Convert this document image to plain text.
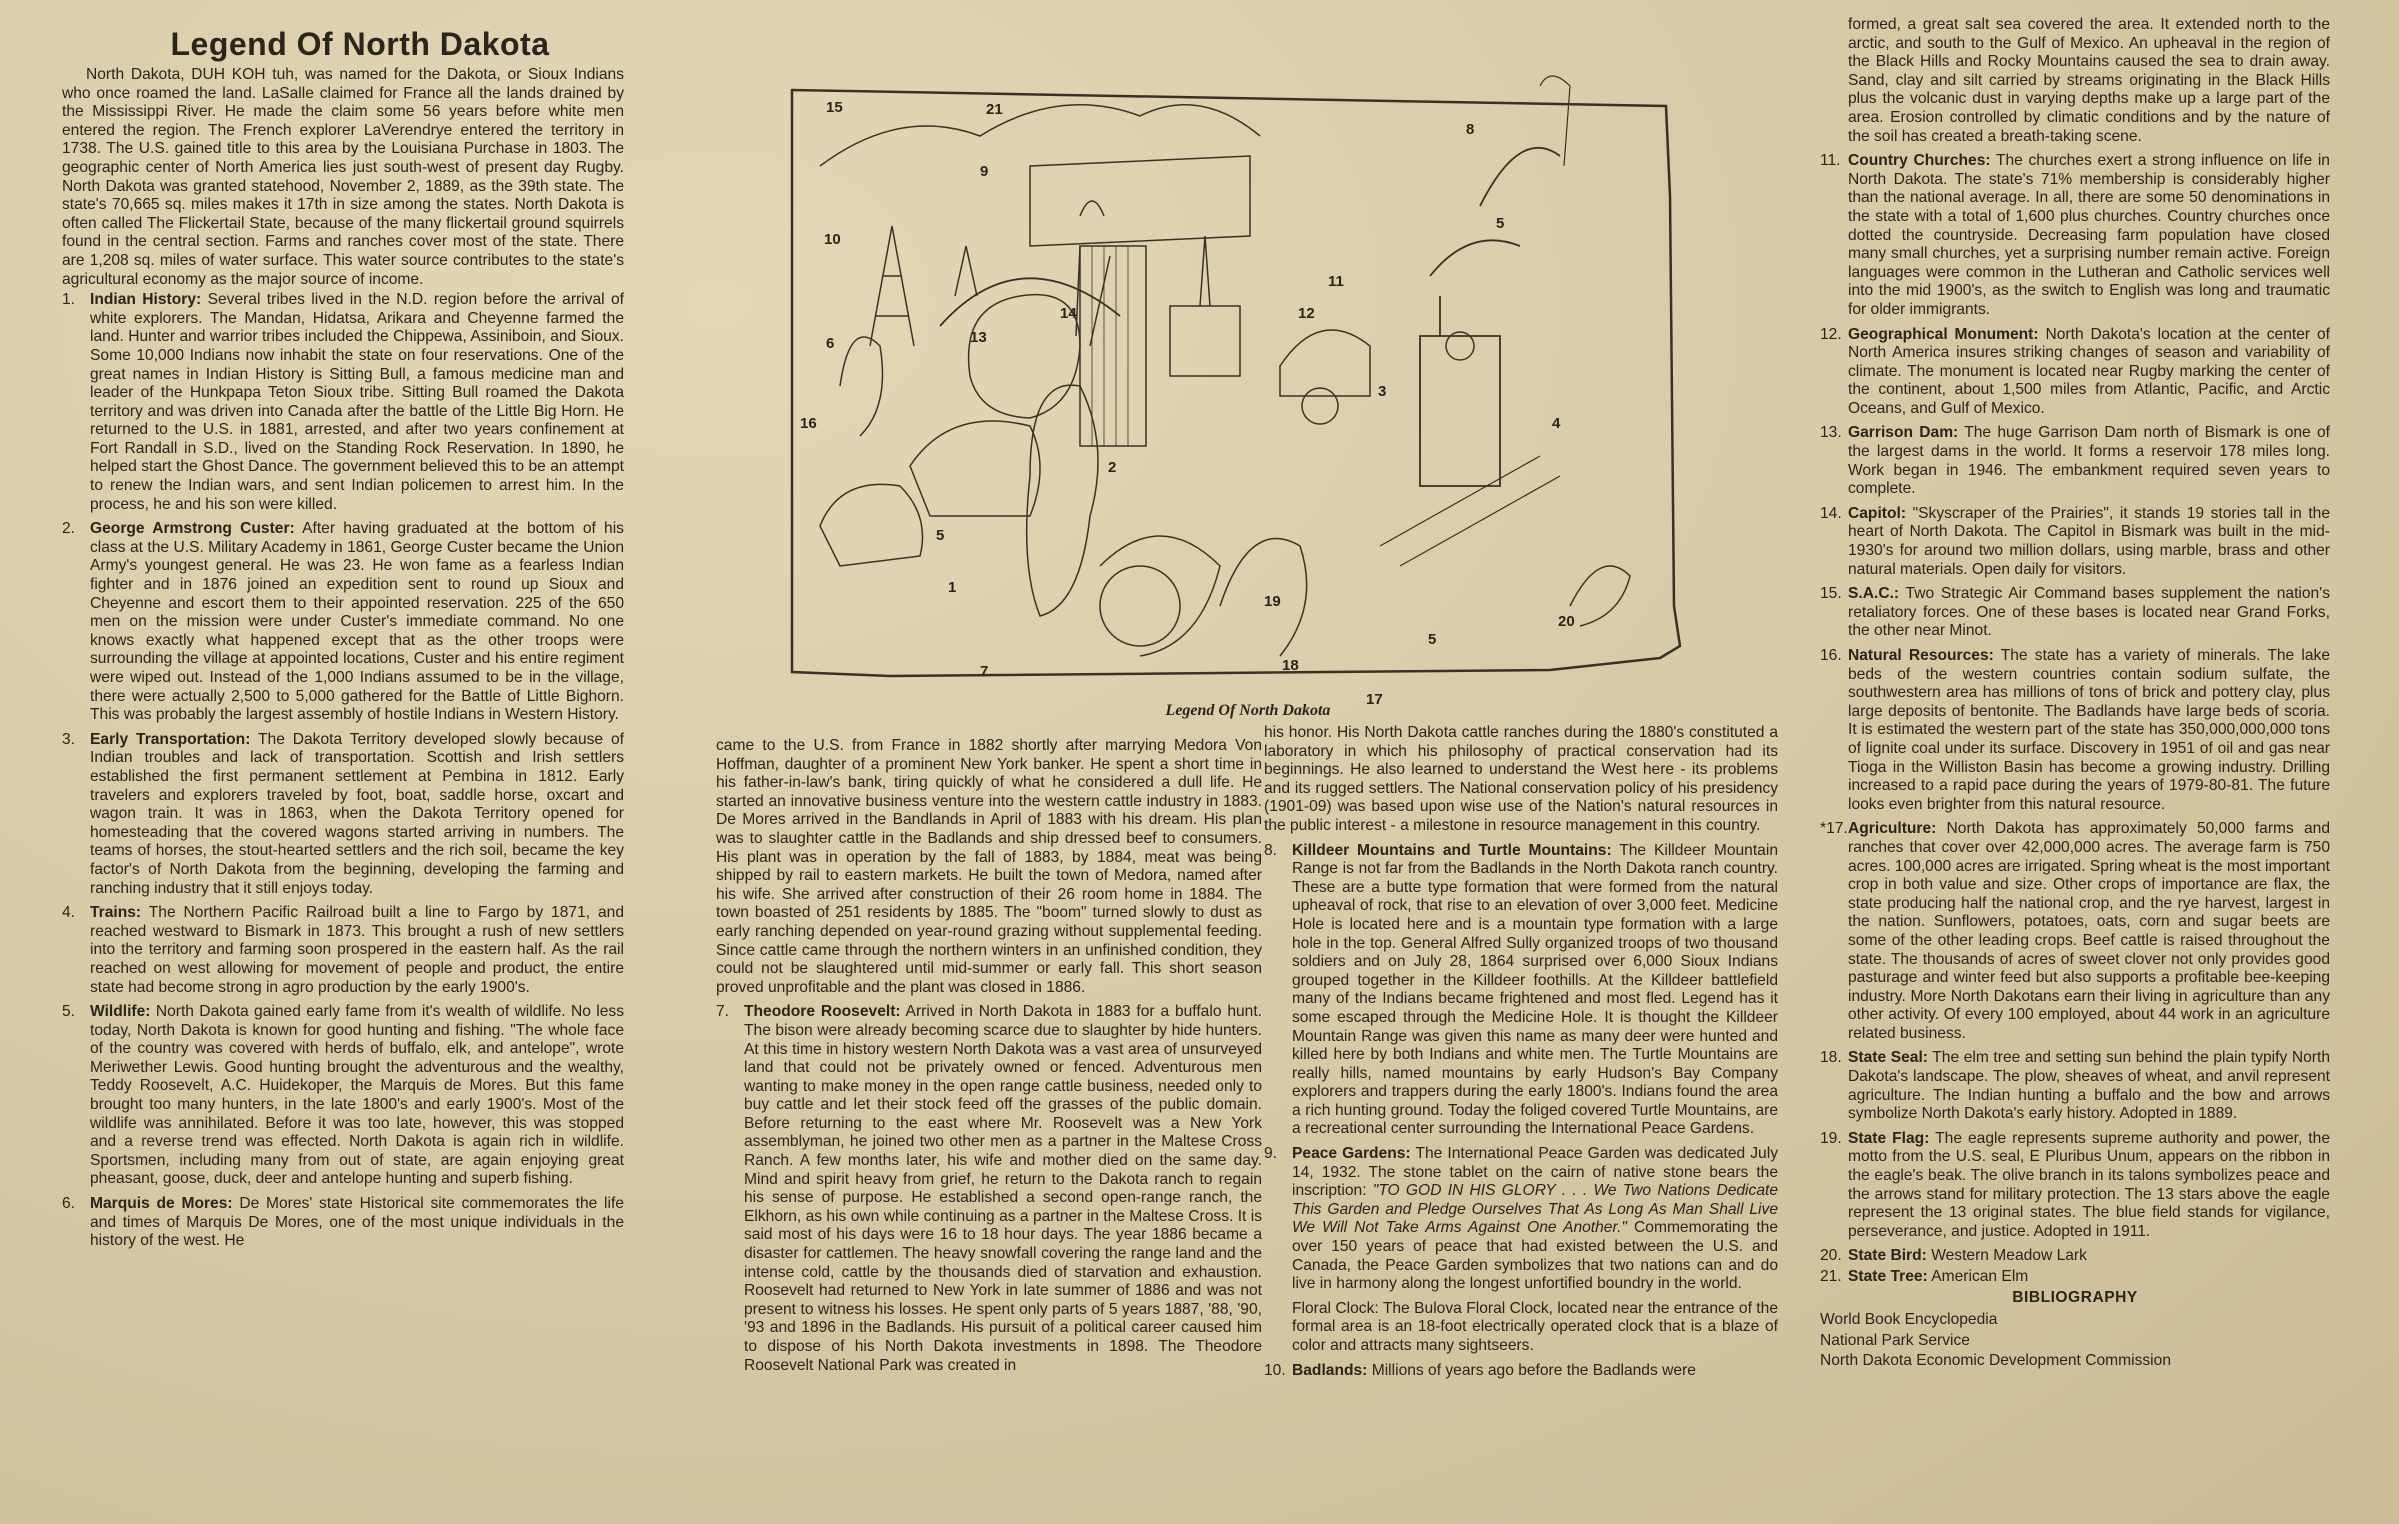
Legend Of North Dakota

North Dakota, DUH KOH tuh, was named for the Dakota, or Sioux Indians who once roamed the land. LaSalle claimed for France all the lands drained by the Mississippi River. He made the claim some 56 years before white men entered the region. The French explorer LaVerendrye entered the territory in 1738. The U.S. gained title to this area by the Louisiana Purchase in 1803. The geographic center of North America lies just south-west of present day Rugby. North Dakota was granted statehood, November 2, 1889, as the 39th state. The state's 70,665 sq. miles makes it 17th in size among the states. North Dakota is often called The Flickertail State, because of the many flickertail ground squirrels found in the central section. Farms and ranches cover most of the state. There are 1,208 sq. miles of water surface. This water source contributes to the state's agricultural economy as the major source of income.

1. Indian History: Several tribes lived in the N.D. region before the arrival of white explorers. The Mandan, Hidatsa, Arikara and Cheyenne farmed the land. Hunter and warrior tribes included the Chippewa, Assiniboin, and Sioux. Some 10,000 Indians now inhabit the state on four reservations. One of the great names in Indian History is Sitting Bull, a famous medicine man and leader of the Hunkpapa Teton Sioux tribe. Sitting Bull roamed the Dakota territory and was driven into Canada after the battle of the Little Big Horn. He returned to the U.S. in 1881, arrested, and after two years confinement at Fort Randall in S.D., lived on the Standing Rock Reservation. In 1890, he helped start the Ghost Dance. The government believed this to be an attempt to renew the Indian wars, and sent Indian policemen to arrest him. In the process, he and his son were killed.
2. George Armstrong Custer: After having graduated at the bottom of his class at the U.S. Military Academy in 1861, George Custer became the Union Army's youngest general. He was 23. He won fame as a fearless Indian fighter and in 1876 joined an expedition sent to round up Sioux and Cheyenne and escort them to their appointed reservation. 225 of the 650 men on the mission were under Custer's immediate command. No one knows exactly what happened except that as the other troops were surrounding the village at appointed locations, Custer and his entire regiment were wiped out. Instead of the 1,000 Indians assumed to be in the village, there were actually 2,500 to 5,000 gathered for the Battle of Little Bighorn. This was probably the largest assembly of hostile Indians in Western History.
3. Early Transportation: The Dakota Territory developed slowly because of Indian troubles and lack of transportation. Scottish and Irish settlers established the first permanent settlement at Pembina in 1812. Early travelers and explorers traveled by foot, boat, saddle horse, oxcart and wagon train. It was in 1863, when the Dakota Territory opened for homesteading that the covered wagons started arriving in numbers. The teams of horses, the stout-hearted settlers and the rich soil, became the key factor's of North Dakota from the beginning, developing the farming and ranching industry that it still enjoys today.
4. Trains: The Northern Pacific Railroad built a line to Fargo by 1871, and reached westward to Bismark in 1873. This brought a rush of new settlers into the territory and farming soon prospered in the eastern half. As the rail reached on west allowing for movement of people and product, the entire state had become strong in agro production by the early 1900's.
5. Wildlife: North Dakota gained early fame from it's wealth of wildlife. No less today, North Dakota is known for good hunting and fishing. "The whole face of the country was covered with herds of buffalo, elk, and antelope", wrote Meriwether Lewis. Good hunting brought the adventurous and the wealthy, Teddy Roosevelt, A.C. Huidekoper, the Marquis de Mores. But this fame brought too many hunters, in the late 1800's and early 1900's. Most of the wildlife was annihilated. Before it was too late, however, this was stopped and a reverse trend was effected. North Dakota is again rich in wildlife. Sportsmen, including many from out of state, are again enjoying great pheasant, goose, duck, deer and antelope hunting and superb fishing.
6. Marquis de Mores: De Mores' state Historical site commemorates the life and times of Marquis De Mores, one of the most unique individuals in the history of the west. He
15	21
9
8
10
5
11
6	13
14	12
3
16
2
4
5
1
19
5
20
18
17
7
Legend Of North Dakota
came to the U.S. from France in 1882 shortly after marrying Medora Von Hoffman, daughter of a prominent New York banker. He spent a short time in his father-in-law's bank, tiring quickly of what he considered a dull life. He started an innovative business venture into the western cattle industry in 1883. De Mores arrived in the Bandlands in April of 1883 with his dream. His plan was to slaughter cattle in the Badlands and ship dressed beef to consumers. His plant was in operation by the fall of 1883, by 1884, meat was being shipped by rail to eastern markets. He built the town of Medora, named after his wife. She arrived after construction of their 26 room home in 1884. The town boasted of 251 residents by 1885. The "boom" turned slowly to dust as early ranching depended on year-round grazing without supplemental feeding. Since cattle came through the northern winters in an unfinished condition, they could not be slaughtered until mid-summer or early fall. This short season proved unprofitable and the plant was closed in 1886.
7. Theodore Roosevelt: Arrived in North Dakota in 1883 for a buffalo hunt. The bison were already becoming scarce due to slaughter by hide hunters. At this time in history western North Dakota was a vast area of unsurveyed land that could not be privately owned or fenced. Adventurous men wanting to make money in the open range cattle business, needed only to buy cattle and let their stock feed off the grasses of the public domain. Before returning to the east where Mr. Roosevelt was a New York assemblyman, he joined two other men as a partner in the Maltese Cross Ranch. A few months later, his wife and mother died on the same day. Mind and spirit heavy from grief, he return to the Dakota ranch to regain his sense of purpose. He established a second open-range ranch, the Elkhorn, as his own while continuing as a partner in the Maltese Cross. It is said most of his days were 16 to 18 hour days. The year 1886 became a disaster for cattlemen. The heavy snowfall covering the range land and the intense cold, cattle by the thousands died of starvation and exhaustion. Roosevelt had returned to New York in late summer of 1886 and was not present to witness his losses. He spent only parts of 5 years 1887, '88, '90, '93 and 1896 in the Badlands. His pursuit of a political career caused him to dispose of his North Dakota investments in 1898. The Theodore Roosevelt National Park was created in
his honor. His North Dakota cattle ranches during the 1880's constituted a laboratory in which his philosophy of practical conservation had its beginnings. He also learned to understand the West here - its problems and its rugged settlers. The National conservation policy of his presidency (1901-09) was based upon wise use of the Nation's natural resources in the public interest - a milestone in resource management in this country.
8. Killdeer Mountains and Turtle Mountains: The Killdeer Mountain Range is not far from the Badlands in the North Dakota ranch country. These are a butte type formation that were formed from the natural upheaval of rock, that rise to an elevation of over 3,000 feet. Medicine Hole is located here and is a mountain type formation with a large hole in the top. General Alfred Sully organized troops of two thousand soldiers and on July 28, 1864 surprised over 6,000 Sioux Indians grouped together in the Killdeer foothills. At the Killdeer battlefield many of the Indians became frightened and most fled. Legend has it some escaped through the Medicine Hole. It is thought the Killdeer Mountain Range was given this name as many deer were hunted and killed here by both Indians and white men. The Turtle Mountains are really hills, named mountains by early Hudson's Bay Company explorers and trappers during the early 1800's. Indians found the area a rich hunting ground. Today the foliged covered Turtle Mountains, are a recreational center surrounding the International Peace Gardens.
9. Peace Gardens: The International Peace Garden was dedicated July 14, 1932. The stone tablet on the cairn of native stone bears the inscription: "TO GOD IN HIS GLORY . . . We Two Nations Dedicate This Garden and Pledge Ourselves That As Long As Man Shall Live We Will Not Take Arms Against One Another." Commemorating the over 150 years of peace that had existed between the U.S. and Canada, the Peace Garden symbolizes that two nations can and do live in harmony along the longest unfortified boundry in the world.
Floral Clock: The Bulova Floral Clock, located near the entrance of the formal area is an 18-foot electrically operated clock that is a blaze of color and attracts many sightseers.
10. Badlands: Millions of years ago before the Badlands were
formed, a great salt sea covered the area. It extended north to the arctic, and south to the Gulf of Mexico. An upheaval in the region of the Black Hills and Rocky Mountains caused the sea to drain away. Sand, clay and silt carried by streams originating in the Black Hills plus the volcanic dust in varying depths make up a large part of the area. Erosion controlled by climatic conditions and by the nature of the soil has created a breath-taking scene.
11. Country Churches: The churches exert a strong influence on life in North Dakota. The state's 71% membership is considerably higher than the national average. In all, there are some 50 denominations in the state with a total of 1,600 plus churches. Country churches once dotted the countryside. Decreasing farm population have closed many small churches, yet a surprising number remain active. Foreign languages were common in the Lutheran and Catholic services well into the mid 1900's, as the switch to English was long and traumatic for older immigrants.
12. Geographical Monument: North Dakota's location at the center of North America insures striking changes of season and variability of climate. The monument is located near Rugby marking the center of the continent, about 1,500 miles from Atlantic, Pacific, and Arctic Oceans, and Gulf of Mexico.
13. Garrison Dam: The huge Garrison Dam north of Bismark is one of the largest dams in the world. It forms a reservoir 178 miles long. Work began in 1946. The embankment required seven years to complete.
14. Capitol: "Skyscraper of the Prairies", it stands 19 stories tall in the heart of North Dakota. The Capitol in Bismark was built in the mid-1930's for around two million dollars, using marble, brass and other natural materials. Open daily for visitors.
15. S.A.C.: Two Strategic Air Command bases supplement the nation's retaliatory forces. One of these bases is located near Grand Forks, the other near Minot.
16. Natural Resources: The state has a variety of minerals. The lake beds of the western countries contain sodium sulfate, the southwestern area has millions of tons of brick and pottery clay, plus large deposits of bentonite. The Badlands have large beds of scoria. It is estimated the western part of the state has 350,000,000,000 tons of lignite coal under its surface. Discovery in 1951 of oil and gas near Tioga in the Williston Basin has become a growing industry. Drilling increased to a rapid pace during the years of 1979-80-81. The future looks even brighter from this natural resource.
*17.Agriculture: North Dakota has approximately 50,000 farms and ranches that cover over 42,000,000 acres. The average farm is 750 acres. 100,000 acres are irrigated. Spring wheat is the most important crop in both value and size. Other crops of importance are flax, the state producing half the national crop, and the rye harvest, largest in the nation. Sunflowers, potatoes, oats, corn and sugar beets are some of the other leading crops. Beef cattle is raised throughout the state. The thousands of acres of sweet clover not only provides good pasturage and winter feed but also supports a profitable bee-keeping industry. More North Dakotans earn their living in agriculture than any other activity. Of every 100 employed, about 44 work in an agriculture related business.
18. State Seal: The elm tree and setting sun behind the plain typify North Dakota's landscape. The plow, sheaves of wheat, and anvil represent agriculture. The Indian hunting a buffalo and the bow and arrows symbolize North Dakota's early history. Adopted in 1889.
19. State Flag: The eagle represents supreme authority and power, the motto from the U.S. seal, E Pluribus Unum, appears on the ribbon in the eagle's beak. The olive branch in its talons symbolizes peace and the arrows stand for military protection. The 13 stars above the eagle represent the 13 original states. The blue field stands for vigilance, perseverance, and justice. Adopted in 1911.
20. State Bird: Western Meadow Lark
21. State Tree: American Elm
BIBLIOGRAPHY
World Book Encyclopedia
National Park Service
North Dakota Economic Development Commission
